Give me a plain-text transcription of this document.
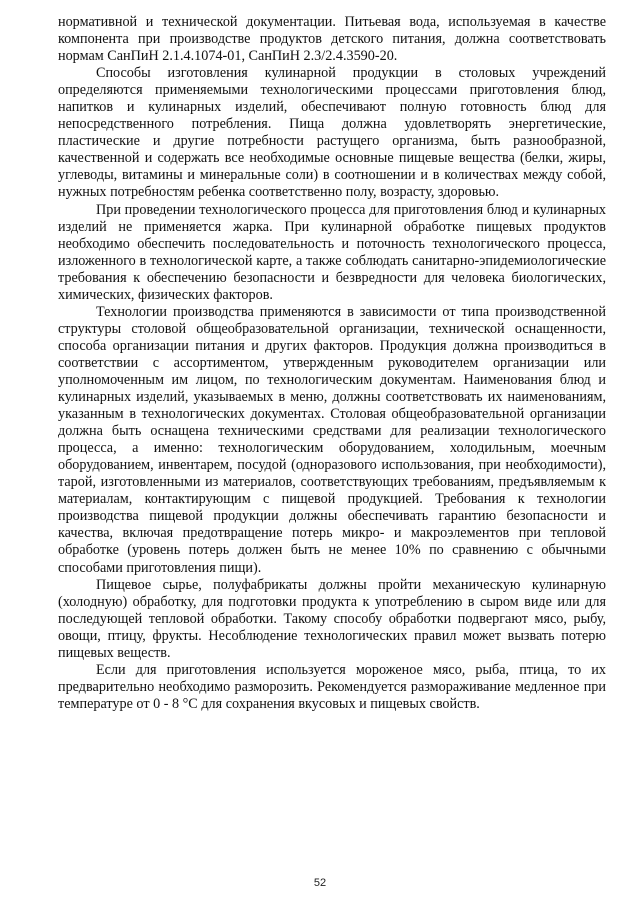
нормативной и технической документации. Питьевая вода, используемая в качестве компонента при производстве продуктов детского питания, должна соответствовать нормам СанПиН 2.1.4.1074-01, СанПиН 2.3/2.4.3590-20.

Способы изготовления кулинарной продукции в столовых учреждений определяются применяемыми технологическими процессами приготовления блюд, напитков и кулинарных изделий, обеспечивают полную готовность блюд для непосредственного потребления. Пища должна удовлетворять энергетические, пластические и другие потребности растущего организма, быть разнообразной, качественной и содержать все необходимые основные пищевые вещества (белки, жиры, углеводы, витамины и минеральные соли) в соотношении и в количествах между собой, нужных потребностям ребенка соответственно полу, возрасту, здоровью.

При проведении технологического процесса для приготовления блюд и кулинарных изделий не применяется жарка. При кулинарной обработке пищевых продуктов необходимо обеспечить последовательность и поточность технологического процесса, изложенного в технологической карте, а также соблюдать санитарно-эпидемиологические требования к обеспечению безопасности и безвредности для человека биологических, химических, физических факторов.

Технологии производства применяются в зависимости от типа производственной структуры столовой общеобразовательной организации, технической оснащенности, способа организации питания и других факторов. Продукция должна производиться в соответствии с ассортиментом, утвержденным руководителем организации или уполномоченным им лицом, по технологическим документам. Наименования блюд и кулинарных изделий, указываемых в меню, должны соответствовать их наименованиям, указанным в технологических документах. Столовая общеобразовательной организации должна быть оснащена техническими средствами для реализации технологического процесса, а именно: технологическим оборудованием, холодильным, моечным оборудованием, инвентарем, посудой (одноразового использования, при необходимости), тарой, изготовленными из материалов, соответствующих требованиям, предъявляемым к материалам, контактирующим с пищевой продукцией. Требования к технологии производства пищевой продукции должны обеспечивать гарантию безопасности и качества, включая предотвращение потерь микро- и макроэлементов при тепловой обработке (уровень потерь должен быть не менее 10% по сравнению с обычными способами приготовления пищи).

Пищевое сырье, полуфабрикаты должны пройти механическую кулинарную (холодную) обработку, для подготовки продукта к употреблению в сыром виде или для последующей тепловой обработки. Такому способу обработки подвергают мясо, рыбу, овощи, птицу, фрукты. Несоблюдение технологических правил может вызвать потерю пищевых веществ.

Если для приготовления используется мороженое мясо, рыба, птица, то их предварительно необходимо разморозить. Рекомендуется размораживание медленное при температуре от 0 - 8 °С для сохранения вкусовых и пищевых свойств.

52
